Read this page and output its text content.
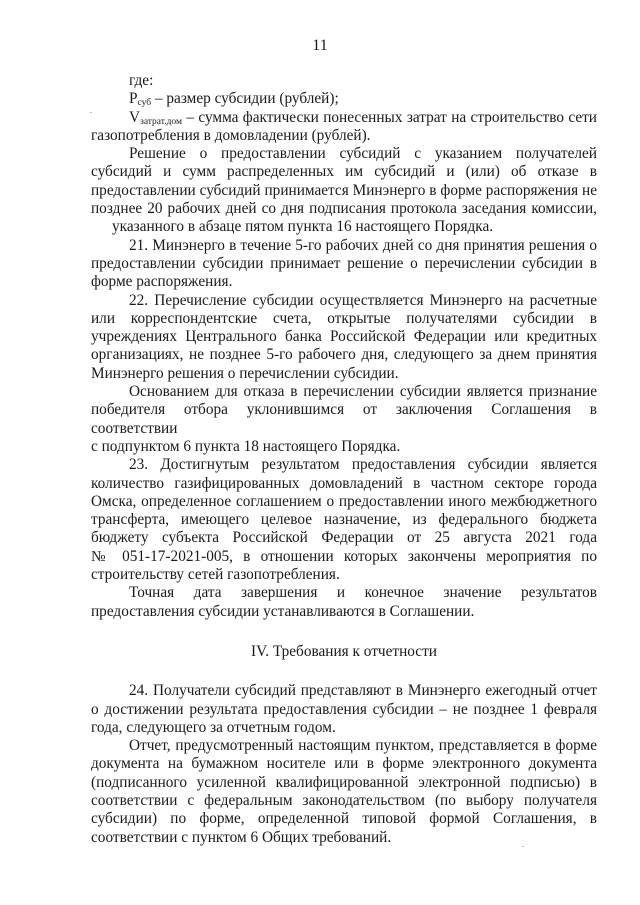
11
где:
$P_{суб}$ – размер субсидии (рублей);
$V_{затрат.дом}$ – сумма фактически понесенных затрат на строительство сети
газопотребления в домовладении (рублей).
Решение о предоставлении субсидий с указанием получателей
субсидий и сумм распределенных им субсидий и (или) об отказе в
предоставлении субсидий принимается Минэнерго в форме распоряжения не
позднее 20 рабочих дней со дня подписания протокола заседания комиссии,
указанного в абзаце пятом пункта 16 настоящего Порядка.
21. Минэнерго в течение 5-го рабочих дней со дня принятия решения о
предоставлении субсидии принимает решение о перечислении субсидии в
форме распоряжения.
22. Перечисление субсидии осуществляется Минэнерго на расчетные
или корреспондентские счета, открытые получателями субсидии в
учреждениях Центрального банка Российской Федерации или кредитных
организациях, не позднее 5-го рабочего дня, следующего за днем принятия
Минэнерго решения о перечислении субсидии.
Основанием для отказа в перечислении субсидии является признание
победителя отбора уклонившимся от заключения Соглашения в соответствии
с подпунктом 6 пункта 18 настоящего Порядка.
23. Достигнутым результатом предоставления субсидии является
количество газифицированных домовладений в частном секторе города
Омска, определенное соглашением о предоставлении иного межбюджетного
трансферта, имеющего целевое назначение, из федерального бюджета
бюджету субъекта Российской Федерации от 25 августа 2021 года
№ 051-17-2021-005, в отношении которых закончены мероприятия по
строительству сетей газопотребления.
Точная дата завершения и конечное значение результатов
предоставления субсидии устанавливаются в Соглашении.
IV. Требования к отчетности
24. Получатели субсидий представляют в Минэнерго ежегодный отчет
о достижении результата предоставления субсидии – не позднее 1 февраля
года, следующего за отчетным годом.
Отчет, предусмотренный настоящим пунктом, представляется в форме
документа на бумажном носителе или в форме электронного документа
(подписанного усиленной квалифицированной электронной подписью) в
соответствии с федеральным законодательством (по выбору получателя
субсидии) по форме, определенной типовой формой Соглашения, в
соответствии с пунктом 6 Общих требований.
